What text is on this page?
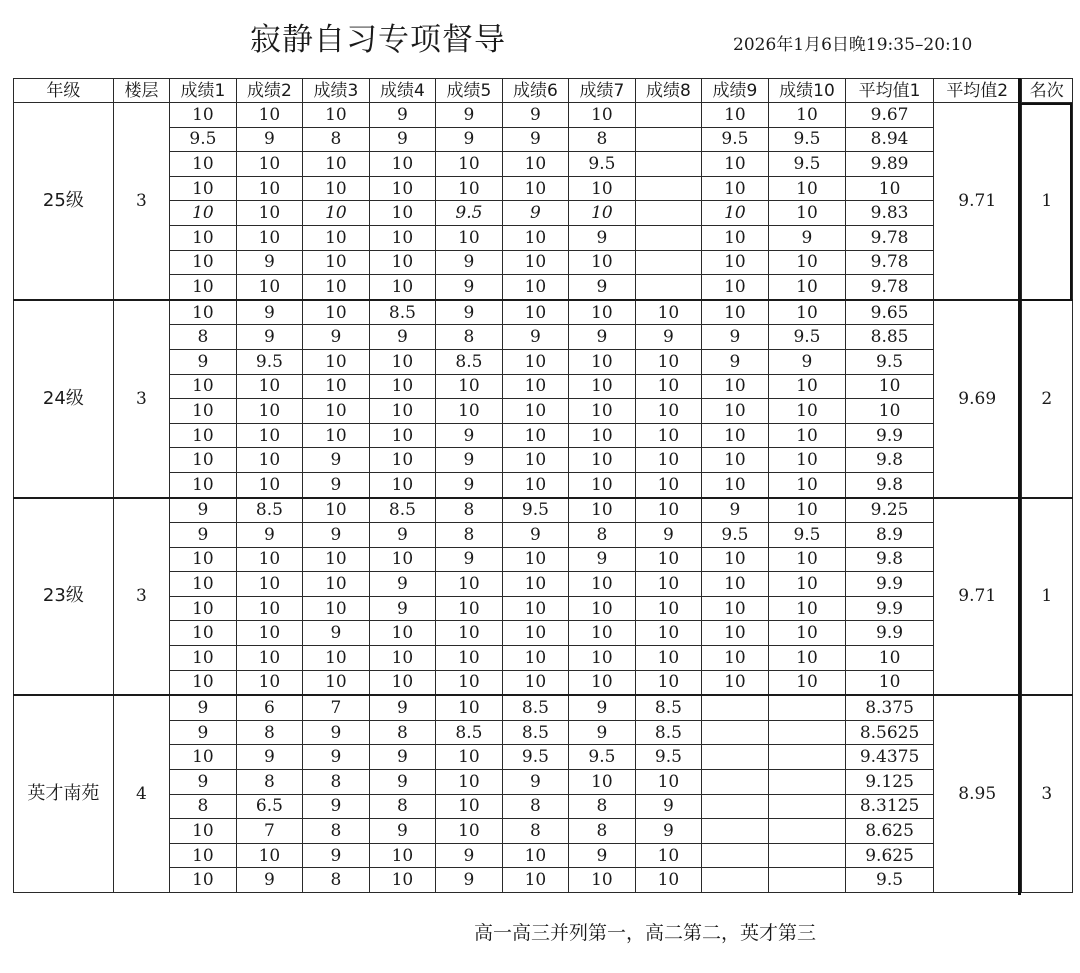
寂静自习专项督导	2026年1月6日晚19:35–20:10
年级	楼层	成绩1	成绩2	成绩3	成绩4	成绩5	成绩6	成绩7	成绩8	成绩9	成绩10	平均值1	平均值2	名次
25级	3	10	10	10	9	9	9	10		10	10	9.67	9.71	1
		9.5	9	8	9	9	9	8		9.5	9.5	8.94		
		10	10	10	10	10	10	9.5		10	9.5	9.89		
		10	10	10	10	10	10	10		10	10	10		
		10	10	10	10	9.5	9	10		10	10	9.83		
		10	10	10	10	10	10	9		10	9	9.78		
		10	9	10	10	9	10	10		10	10	9.78		
		10	10	10	10	9	10	9		10	10	9.78		
24级	3	10	9	10	8.5	9	10	10	10	10	10	9.65	9.69	2
		8	9	9	9	8	9	9	9	9	9.5	8.85		
		9	9.5	10	10	8.5	10	10	10	9	9	9.5		
		10	10	10	10	10	10	10	10	10	10	10		
		10	10	10	10	10	10	10	10	10	10	10		
		10	10	10	10	9	10	10	10	10	10	9.9		
		10	10	9	10	9	10	10	10	10	10	9.8		
		10	10	9	10	9	10	10	10	10	10	9.8		
23级	3	9	8.5	10	8.5	8	9.5	10	10	9	10	9.25	9.71	1
		9	9	9	9	8	9	8	9	9.5	9.5	8.9		
		10	10	10	10	9	10	9	10	10	10	9.8		
		10	10	10	9	10	10	10	10	10	10	9.9		
		10	10	10	9	10	10	10	10	10	10	9.9		
		10	10	9	10	10	10	10	10	10	10	9.9		
		10	10	10	10	10	10	10	10	10	10	10		
		10	10	10	10	10	10	10	10	10	10	10		
英才南苑	4	9	6	7	9	10	8.5	9	8.5			8.375	8.95	3
		9	8	9	8	8.5	8.5	9	8.5			8.5625		
		10	9	9	9	10	9.5	9.5	9.5			9.4375		
		9	8	8	9	10	9	10	10			9.125		
		8	6.5	9	8	10	8	8	9			8.3125		
		10	7	8	9	10	8	8	9			8.625		
		10	10	9	10	9	10	9	10			9.625		
		10	9	8	10	9	10	10	10			9.5		
高一高三并列第一，高二第二，英才第三
